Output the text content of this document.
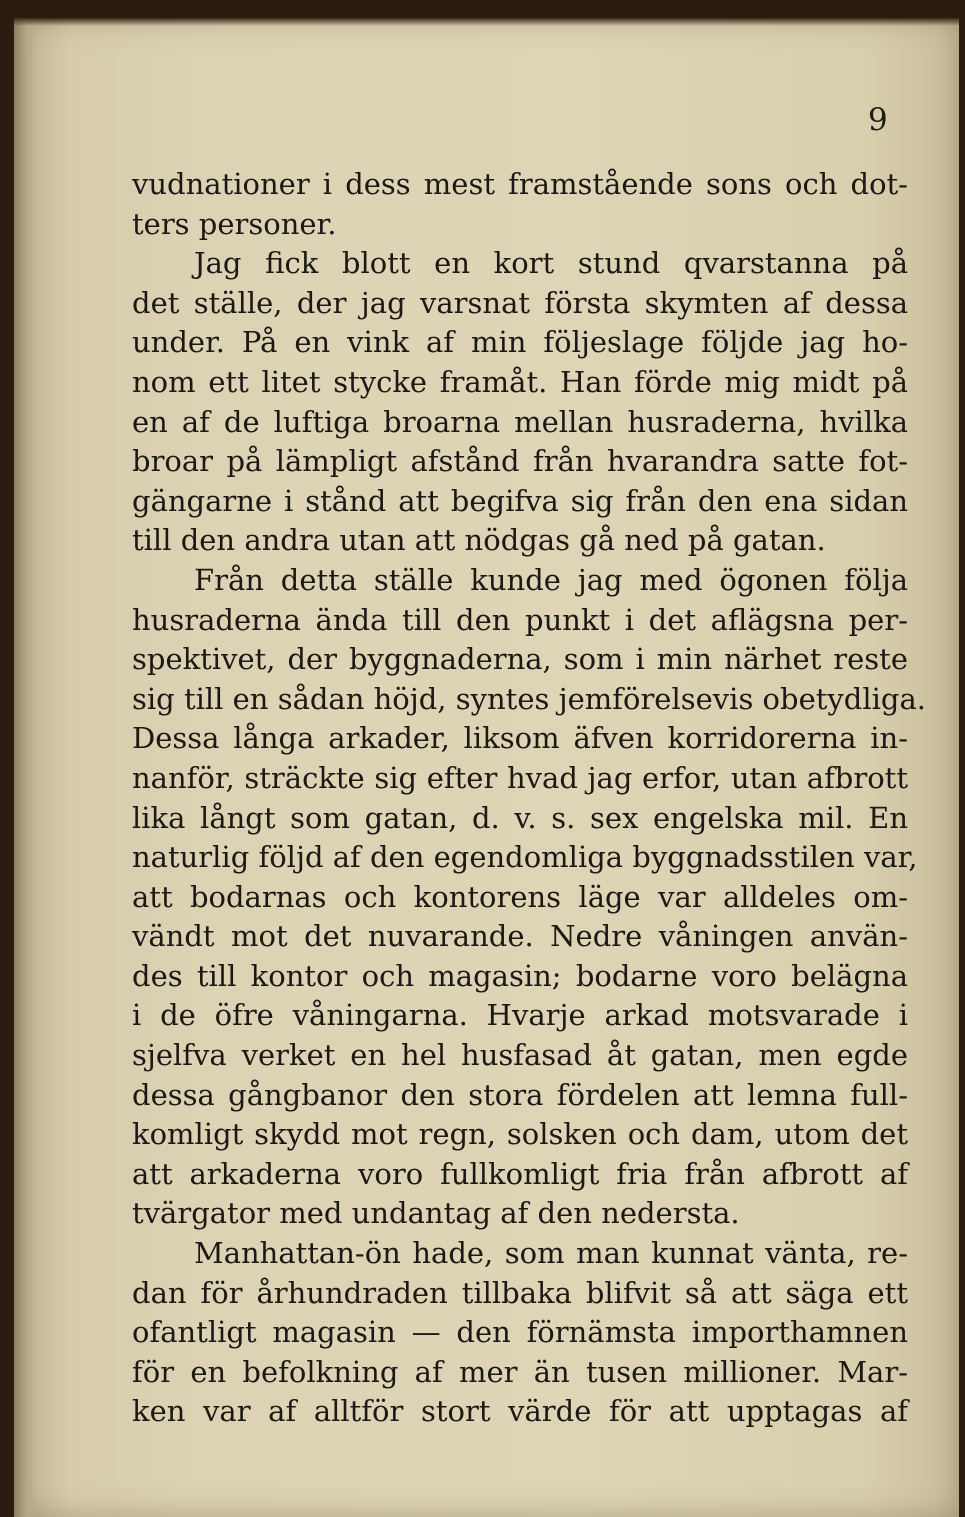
9
vudnationer i dess mest framstående sons och dot-
ters personer.
Jag fick blott en kort stund qvarstanna på
det ställe, der jag varsnat första skymten af dessa
under. På en vink af min följeslage följde jag ho-
nom ett litet stycke framåt. Han förde mig midt på
en af de luftiga broarna mellan husraderna, hvilka
broar på lämpligt afstånd från hvarandra satte fot-
gängarne i stånd att begifva sig från den ena sidan
till den andra utan att nödgas gå ned på gatan.
Från detta ställe kunde jag med ögonen följa
husraderna ända till den punkt i det aflägsna per-
spektivet, der byggnaderna, som i min närhet reste
sig till en sådan höjd, syntes jemförelsevis obetydliga.
Dessa långa arkader, liksom äfven korridorerna in-
nanför, sträckte sig efter hvad jag erfor, utan afbrott
lika långt som gatan, d. v. s. sex engelska mil. En
naturlig följd af den egendomliga byggnadsstilen var,
att bodarnas och kontorens läge var alldeles om-
vändt mot det nuvarande. Nedre våningen använ-
des till kontor och magasin; bodarne voro belägna
i de öfre våningarna. Hvarje arkad motsvarade i
sjelfva verket en hel husfasad åt gatan, men egde
dessa gångbanor den stora fördelen att lemna full-
komligt skydd mot regn, solsken och dam, utom det
att arkaderna voro fullkomligt fria från afbrott af
tvärgator med undantag af den nedersta.
Manhattan-ön hade, som man kunnat vänta, re-
dan för århundraden tillbaka blifvit så att säga ett
ofantligt magasin — den förnämsta importhamnen
för en befolkning af mer än tusen millioner. Mar-
ken var af alltför stort värde för att upptagas af
